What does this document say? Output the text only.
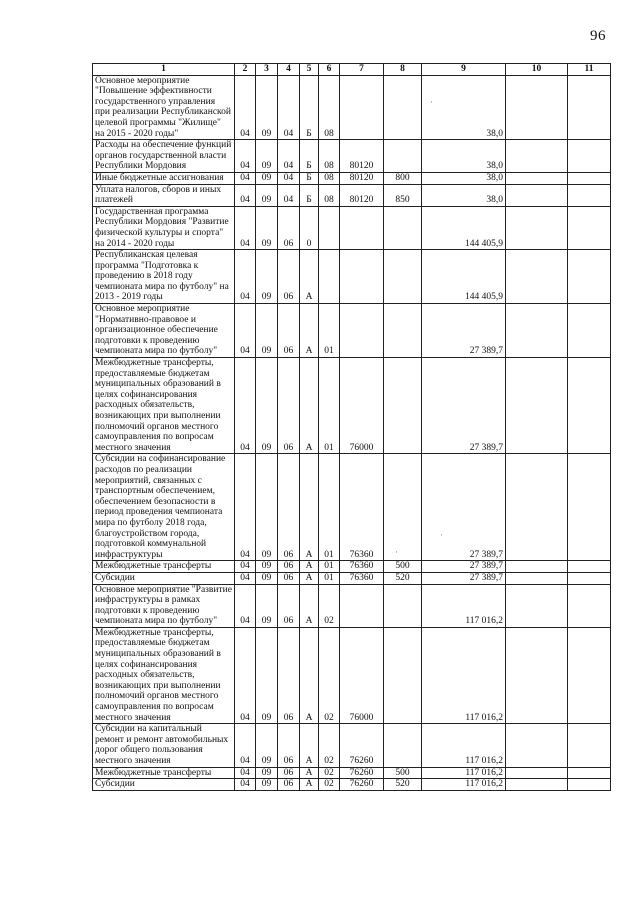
96
1	2	3	4	5	6	7	8	9	10	11
Основное мероприятие "Повышение эффективности государственного управления при реализации Республиканской целевой программы "Жилище" на 2015 - 2020 годы"	04	09	04	Б	08			38,0		
Расходы на обеспечение функций органов государственной власти Республики Мордовия	04	09	04	Б	08	80120		38,0		
Иные бюджетные ассигнования	04	09	04	Б	08	80120	800	38,0		
Уплата налогов, сборов и иных платежей	04	09	04	Б	08	80120	850	38,0		
Государственная программа Республики Мордовия "Развитие физической культуры и спорта" на 2014 - 2020 годы	04	09	06	0				144 405,9		
Республиканская целевая программа "Подготовка к проведению в 2018 году чемпионата мира по футболу" на 2013 - 2019 годы	04	09	06	А				144 405,9		
Основное мероприятие "Нормативно-правовое и организационное обеспечение подготовки к проведению чемпионата мира по футболу"	04	09	06	А	01			27 389,7		
Межбюджетные трансферты, предоставляемые бюджетам муниципальных образований в целях софинансирования расходных обязательств, возникающих при выполнении полномочий органов местного самоуправления по вопросам местного значения	04	09	06	А	01	76000		27 389,7		
Субсидии на софинансирование расходов по реализации мероприятий, связанных с транспортным обеспечением, обеспечением безопасности в период проведения чемпионата мира по футболу 2018 года, благоустройством города, подготовкой коммунальной инфраструктуры	04	09	06	А	01	76360		27 389,7		
Межбюджетные трансферты	04	09	06	А	01	76360	500	27 389,7		
Субсидии	04	09	06	А	01	76360	520	27 389,7		
Основное мероприятие "Развитие инфраструктуры в рамках подготовки к проведению чемпионата мира по футболу"	04	09	06	А	02			117 016,2		
Межбюджетные трансферты, предоставляемые бюджетам муниципальных образований в целях софинансирования расходных обязательств, возникающих при выполнении полномочий органов местного самоуправления по вопросам местного значения	04	09	06	А	02	76000		117 016,2		
Субсидии на капитальный ремонт и ремонт автомобильных дорог общего пользования местного значения	04	09	06	А	02	76260		117 016,2		
Межбюджетные трансферты	04	09	06	А	02	76260	500	117 016,2		
Субсидии	04	09	06	А	02	76260	520	117 016,2		
·
·
·
